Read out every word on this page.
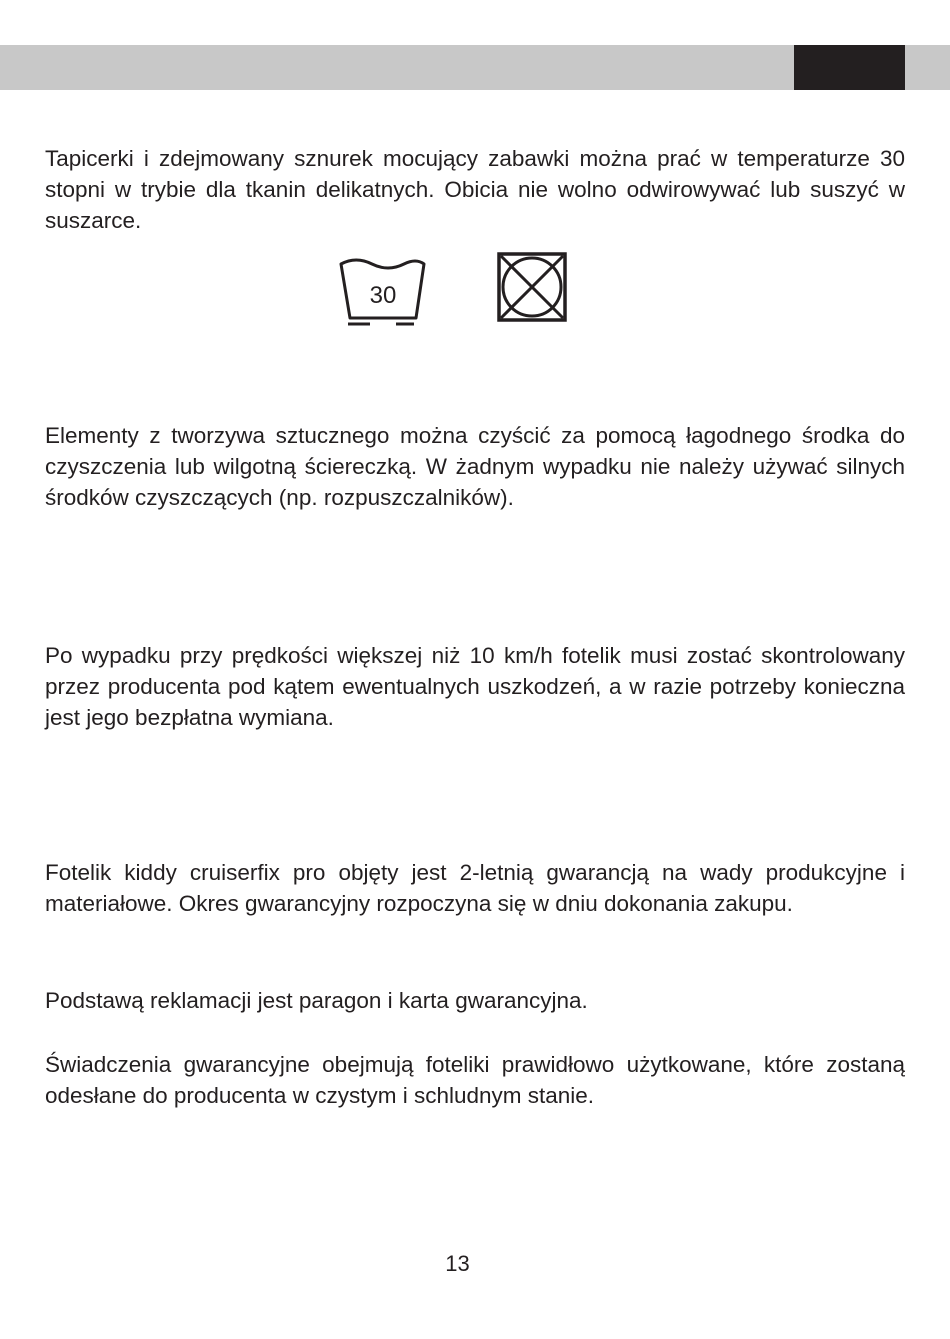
Tapicerki i zdejmowany sznurek mocujący zabawki można prać w temperaturze 30 stopni w trybie dla tkanin delikatnych. Obicia nie wolno odwirowywać lub suszyć w suszarce.

30

Elementy z tworzywa sztucznego można czyścić za pomocą łagodnego środka do czyszczenia lub wilgotną ściereczką. W żadnym wypadku nie należy używać silnych środków czyszczących (np. rozpuszczalników).

Po wypadku przy prędkości większej niż 10 km/h fotelik musi zostać skontrolowany przez producenta pod kątem ewentualnych uszkodzeń, a w razie potrzeby konieczna jest jego bezpłatna wymiana.

Fotelik kiddy cruiserfix pro objęty jest 2-letnią gwarancją na wady produkcyjne i materiałowe. Okres gwarancyjny rozpoczyna się w dniu dokonania zakupu.

Podstawą reklamacji jest paragon i karta gwarancyjna.

Świadczenia gwarancyjne obejmują foteliki prawidłowo użytkowane, które zostaną odesłane do producenta w czystym i schludnym stanie.

13
